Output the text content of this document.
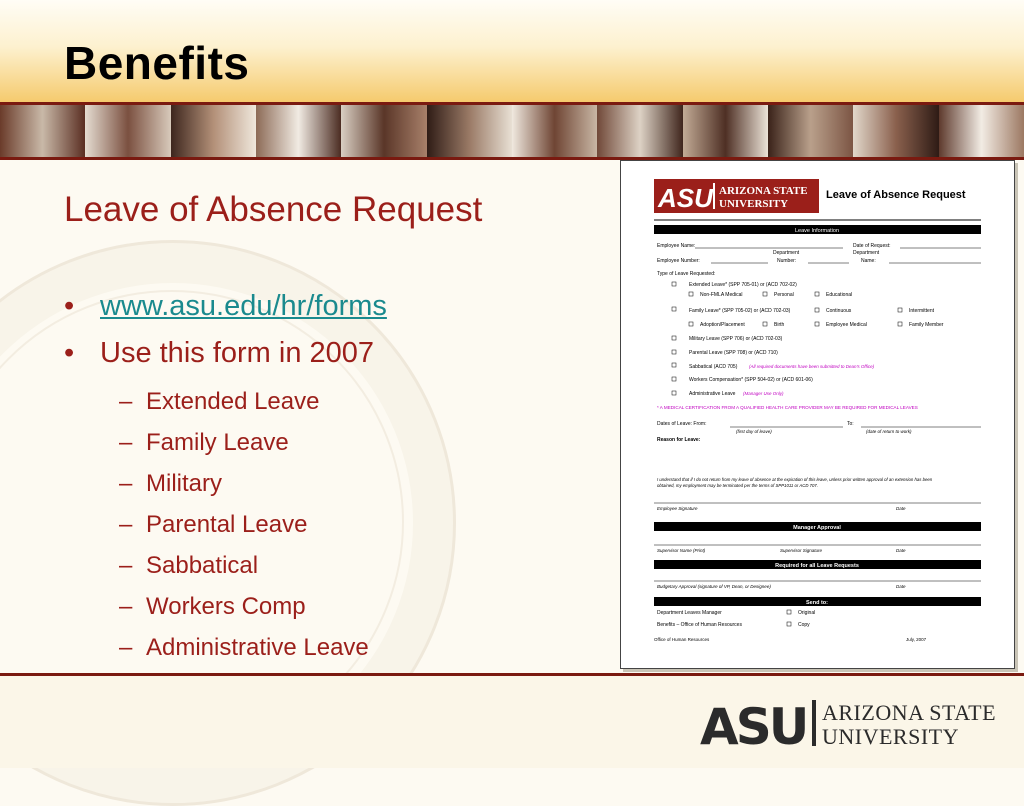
Benefits
Leave of Absence Request
• www.asu.edu/hr/forms
• Use this form in 2007
– Extended Leave
– Family Leave
– Military
– Parental Leave
– Sabbatical
– Workers Comp
– Administrative Leave
ASU ARIZONA STATE
UNIVERSITY
Leave of Absence Request
Leave Information
Employee Name:	Date of Request:
Department	Department
Employee Number:	Number:	Name:
Type of Leave Requested:
Extended Leave* (SPP 705-01) or (ACD 702-02)
Non-FMLA Medical	Personal	Educational
Family Leave* (SPP 705-02) or (ACD 702-03)	Continuous	Intermittent
Adoption/Placement	Birth	Employee Medical	Family Member
Military Leave (SPP 706) or (ACD 702-03)
Parental Leave (SPP 708) or (ACD 710)
Sabbatical (ACD 705)	(All required documents have been submitted to Dean's Office)
Workers Compensation* (SPP 504-02) or (ACD 601-06)
Administrative Leave (Manager Use Only)
* A MEDICAL CERTIFICATION FROM A QUALIFIED HEALTH CARE PROVIDER MAY BE REQUIRED FOR MEDICAL LEAVES
Dates of Leave: From:	To:
(first day of leave)	(date of return to work)
Reason for Leave:
I understand that if I do not return from my leave of absence at the expiration of this leave, unless prior written approval of an extension has been
obtained, my employment may be terminated per the terms of SPP1011 or ACD 707.
Employee Signature	Date
Manager Approval
Supervisor Name (Print)	Supervisor Signature	Date
Required for all Leave Requests
Budgetary Approval (signature of VP, Dean, or Designee)	Date
Send to:
Department Leaves Manager	Original
Benefits – Office of Human Resources	Copy
Office of Human Resources	July, 2007
ASU ARIZONA STATE
UNIVERSITY
